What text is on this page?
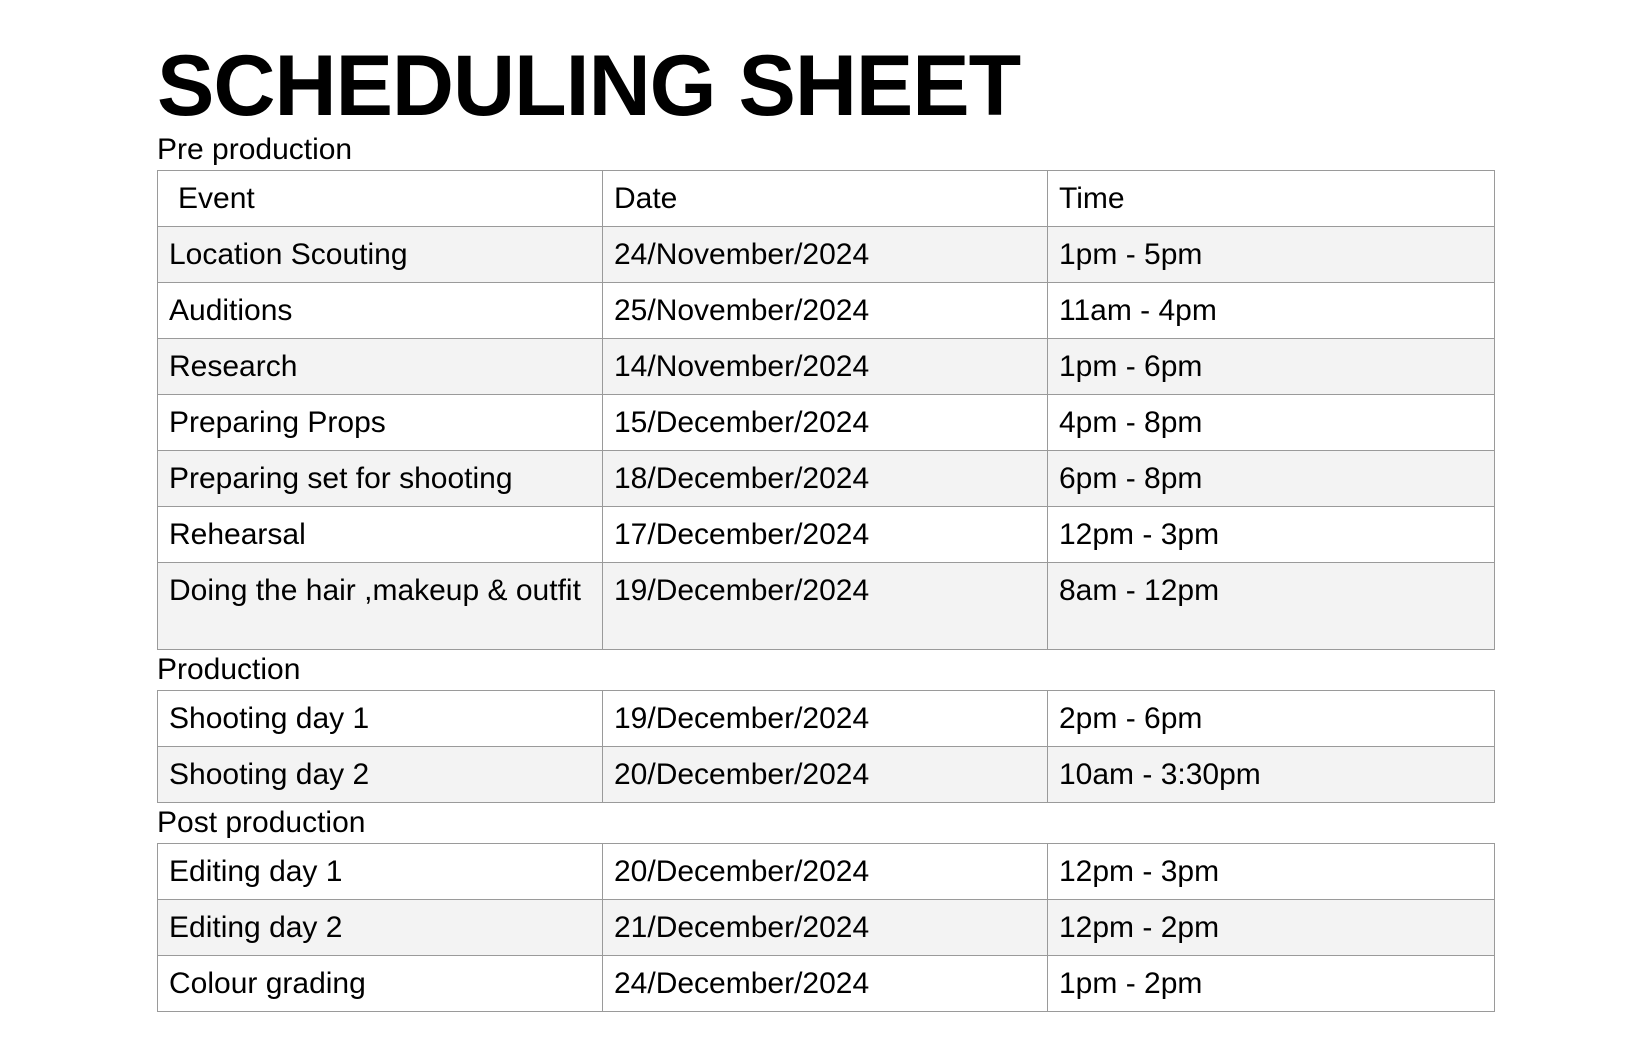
SCHEDULING SHEET

Pre production

Event	Date	Time
Location Scouting	24/November/2024	1pm - 5pm
Auditions	25/November/2024	11am - 4pm
Research	14/November/2024	1pm - 6pm
Preparing Props	15/December/2024	4pm - 8pm
Preparing set for shooting	18/December/2024	6pm - 8pm
Rehearsal	17/December/2024	12pm - 3pm
Doing the hair ,makeup & outfit	19/December/2024	8am - 12pm

Production

Shooting day 1	19/December/2024	2pm - 6pm
Shooting day 2	20/December/2024	10am - 3:30pm

Post production

Editing day 1	20/December/2024	12pm - 3pm
Editing day 2	21/December/2024	12pm - 2pm
Colour grading	24/December/2024	1pm - 2pm
